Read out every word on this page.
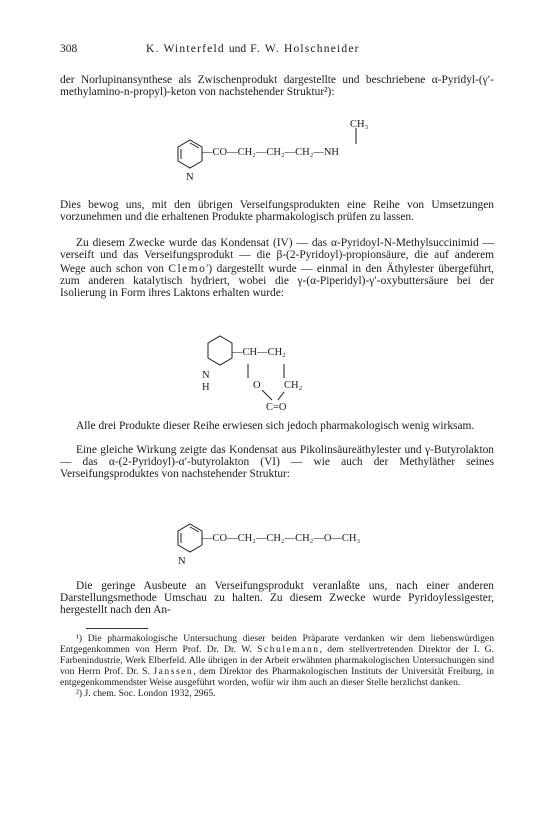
308	K. Winterfeld und F. W. Holschneider

der Norlupinansynthese als Zwischenprodukt dargestellte und beschriebene α-Pyridyl-(γ′-methylamino-n-propyl)-keton von nachstehender Struktur²):

CH₃
—CO—CH₂—CH₂—CH₂—NH
N

Dies bewog uns, mit den übrigen Verseifungsprodukten eine Reihe von Umsetzungen vorzunehmen und die erhaltenen Produkte pharmakologisch prüfen zu lassen.

Zu diesem Zwecke wurde das Kondensat (IV) — das α-Pyridoyl-N-Methylsuccinimid — verseift und das Verseifungsprodukt — die β-(2-Pyridoyl)-propionsäure, die auf anderem Wege auch schon von Clemo$^{^3}$) dargestellt wurde — einmal in den Äthylester übergeführt, zum anderen katalytisch hydriert, wobei die γ-(α-Piperidyl)-γ′-oxybuttersäure bei der Isolierung in Form ihres Laktons erhalten wurde:

—CH—CH₂
N
H	O CH₂
C=O

Alle drei Produkte dieser Reihe erwiesen sich jedoch pharmakologisch wenig wirksam.

Eine gleiche Wirkung zeigte das Kondensat aus Pikolinsäureäthylester und γ-Butyrolakton — das α-(2-Pyridoyl)-α′-butyrolakton (VI) — wie auch der Methyläther seines Verseifungsproduktes von nachstehender Struktur:

—CO—CH₂—CH₂—CH₂—O—CH₃
N

Die geringe Ausbeute an Verseifungsprodukt veranlaßte uns, nach einer anderen Darstellungsmethode Umschau zu halten. Zu diesem Zwecke wurde Pyridoylessigester, hergestellt nach den An-

¹) Die pharmakologische Untersuchung dieser beiden Präparate verdanken wir dem liebenswürdigen Entgegenkommen von Herrn Prof. Dr. Dr. W. Schulemann, dem stellvertretenden Direktor der I. G. Farbenindustrie, Werk Elberfeld. Alle übrigen in der Arbeit erwähnten pharmakologischen Untersuchungen sind von Herrn Prof. Dr. S. Janssen, dem Direktor des Pharmakologischen Instituts der Universität Freiburg, in entgegenkommendster Weise ausgeführt worden, wofür wir ihm auch an dieser Stelle herzlichst danken.

²) J. chem. Soc. London 1932, 2965.
